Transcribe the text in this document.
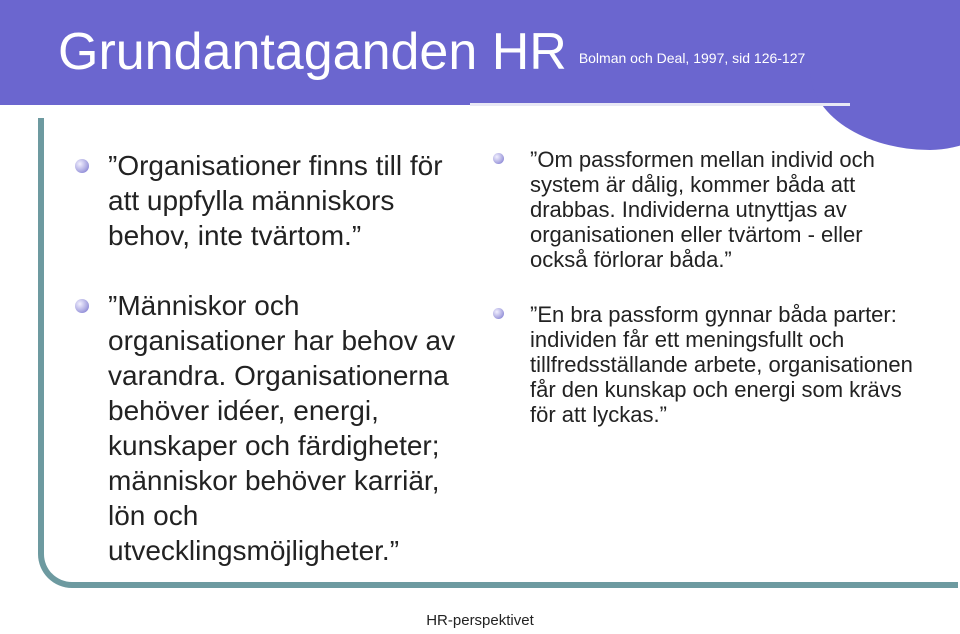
Grundantaganden HR Bolman och Deal, 1997, sid 126-127
”Organisationer finns till för att uppfylla människors behov, inte tvärtom.”
”Människor och organisationer har behov av varandra. Organisationerna behöver idéer, energi, kunskaper och färdigheter; människor behöver karriär, lön och utvecklingsmöjligheter.”
”Om passformen mellan individ och system är dålig, kommer båda att drabbas. Individerna utnyttjas av organisationen eller tvärtom - eller också förlorar båda.”
”En bra passform gynnar båda parter: individen får ett meningsfullt och tillfredsställande arbete, organisationen får den kunskap och energi som krävs för att lyckas.”
HR-perspektivet
